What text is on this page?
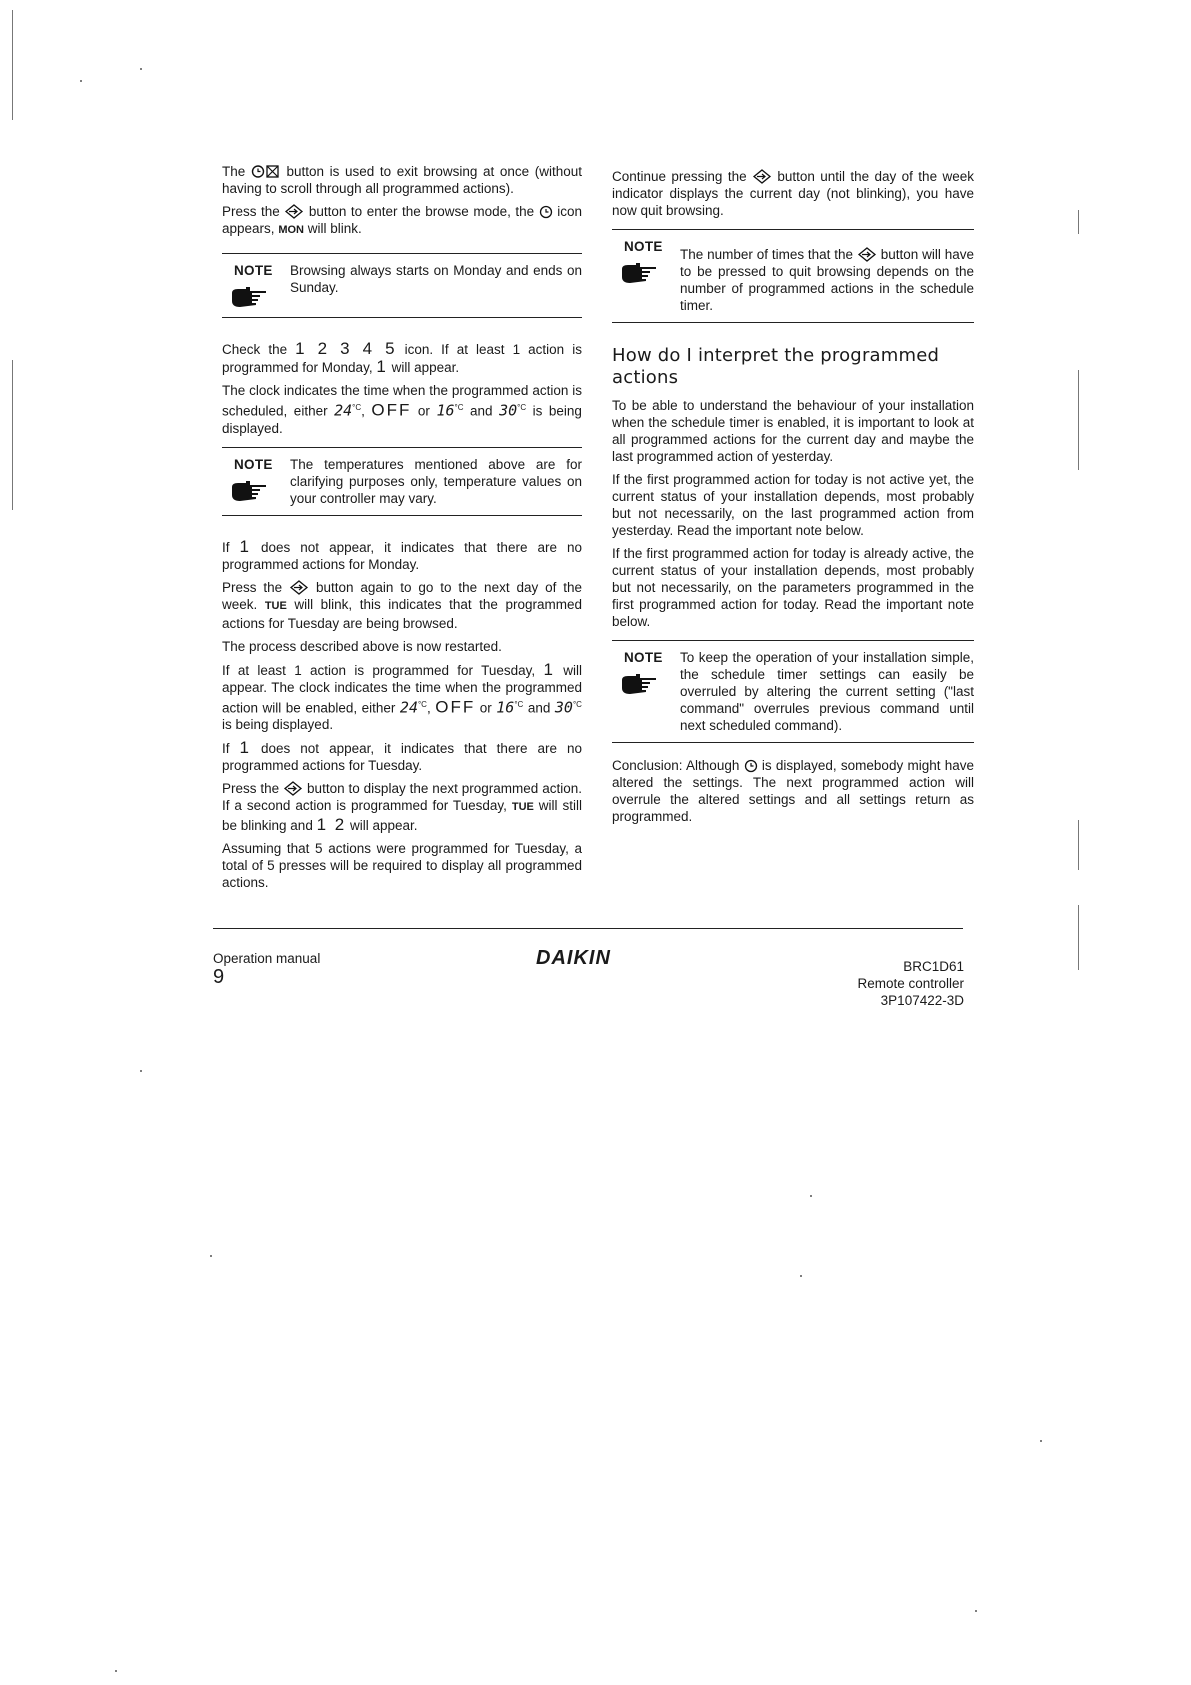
The	button is used to exit browsing at once (without having to scroll through all programmed actions).

Press the button to enter the browse mode, the icon appears, MON will blink.

NOTE	Browsing always starts on Monday and ends on Sunday.

Check the 1 2 3 4 5 icon. If at least 1 action is programmed for Monday, 1 will appear.

The clock indicates the time when the programmed action is scheduled, either $24^{^\circ C}$, OFF or $16^{^\circ C}$ and $30^{^\circ C}$ is being displayed.

NOTE	The temperatures mentioned above are for clarifying purposes only, temperature values on your controller may vary.

If 1 does not appear, it indicates that there are no programmed actions for Monday.

Press the	button again to go to the next day of the week. TUE will blink, this indicates that the programmed actions for Tuesday are being browsed.

The process described above is now restarted.

If at least 1 action is programmed for Tuesday, 1 will appear. The clock indicates the time when the programmed action will be enabled, either $24^{^\circ C}$, OFF or $16^{^\circ C}$ and $30^{^\circ C}$ is being displayed.

If 1 does not appear, it indicates that there are no programmed actions for Tuesday.

Press the button to display the next programmed action. If a second action is programmed for Tuesday, TUE will still be blinking and 1 2 will appear.

Assuming that 5 actions were programmed for Tuesday, a total of 5 presses will be required to display all programmed actions.

Continue pressing the button until the day of the week indicator displays the current day (not blinking), you have now quit browsing.

NOTE
The number of times that the button will have to be pressed to quit browsing depends on the number of programmed actions in the schedule timer.
How do I interpret the programmed actions

To be able to understand the behaviour of your installation when the schedule timer is enabled, it is important to look at all programmed actions for the current day and maybe the last programmed action of yesterday.

If the first programmed action for today is not active yet, the current status of your installation depends, most probably but not necessarily, on the last programmed action from yesterday. Read the important note below.

If the first programmed action for today is already active, the current status of your installation depends, most probably but not necessarily, on the parameters programmed in the first programmed action for today. Read the important note below.

NOTE	To keep the operation of your installation simple, the schedule timer settings can easily be overruled by altering the current setting ("last command" overrules previous command until next scheduled command).

Conclusion: Although is displayed, somebody might have altered the settings. The next programmed action will overrule the altered settings and all settings return as programmed.

Operation manual
9
DAIKIN	BRC1D61
Remote controller
3P107422-3D
